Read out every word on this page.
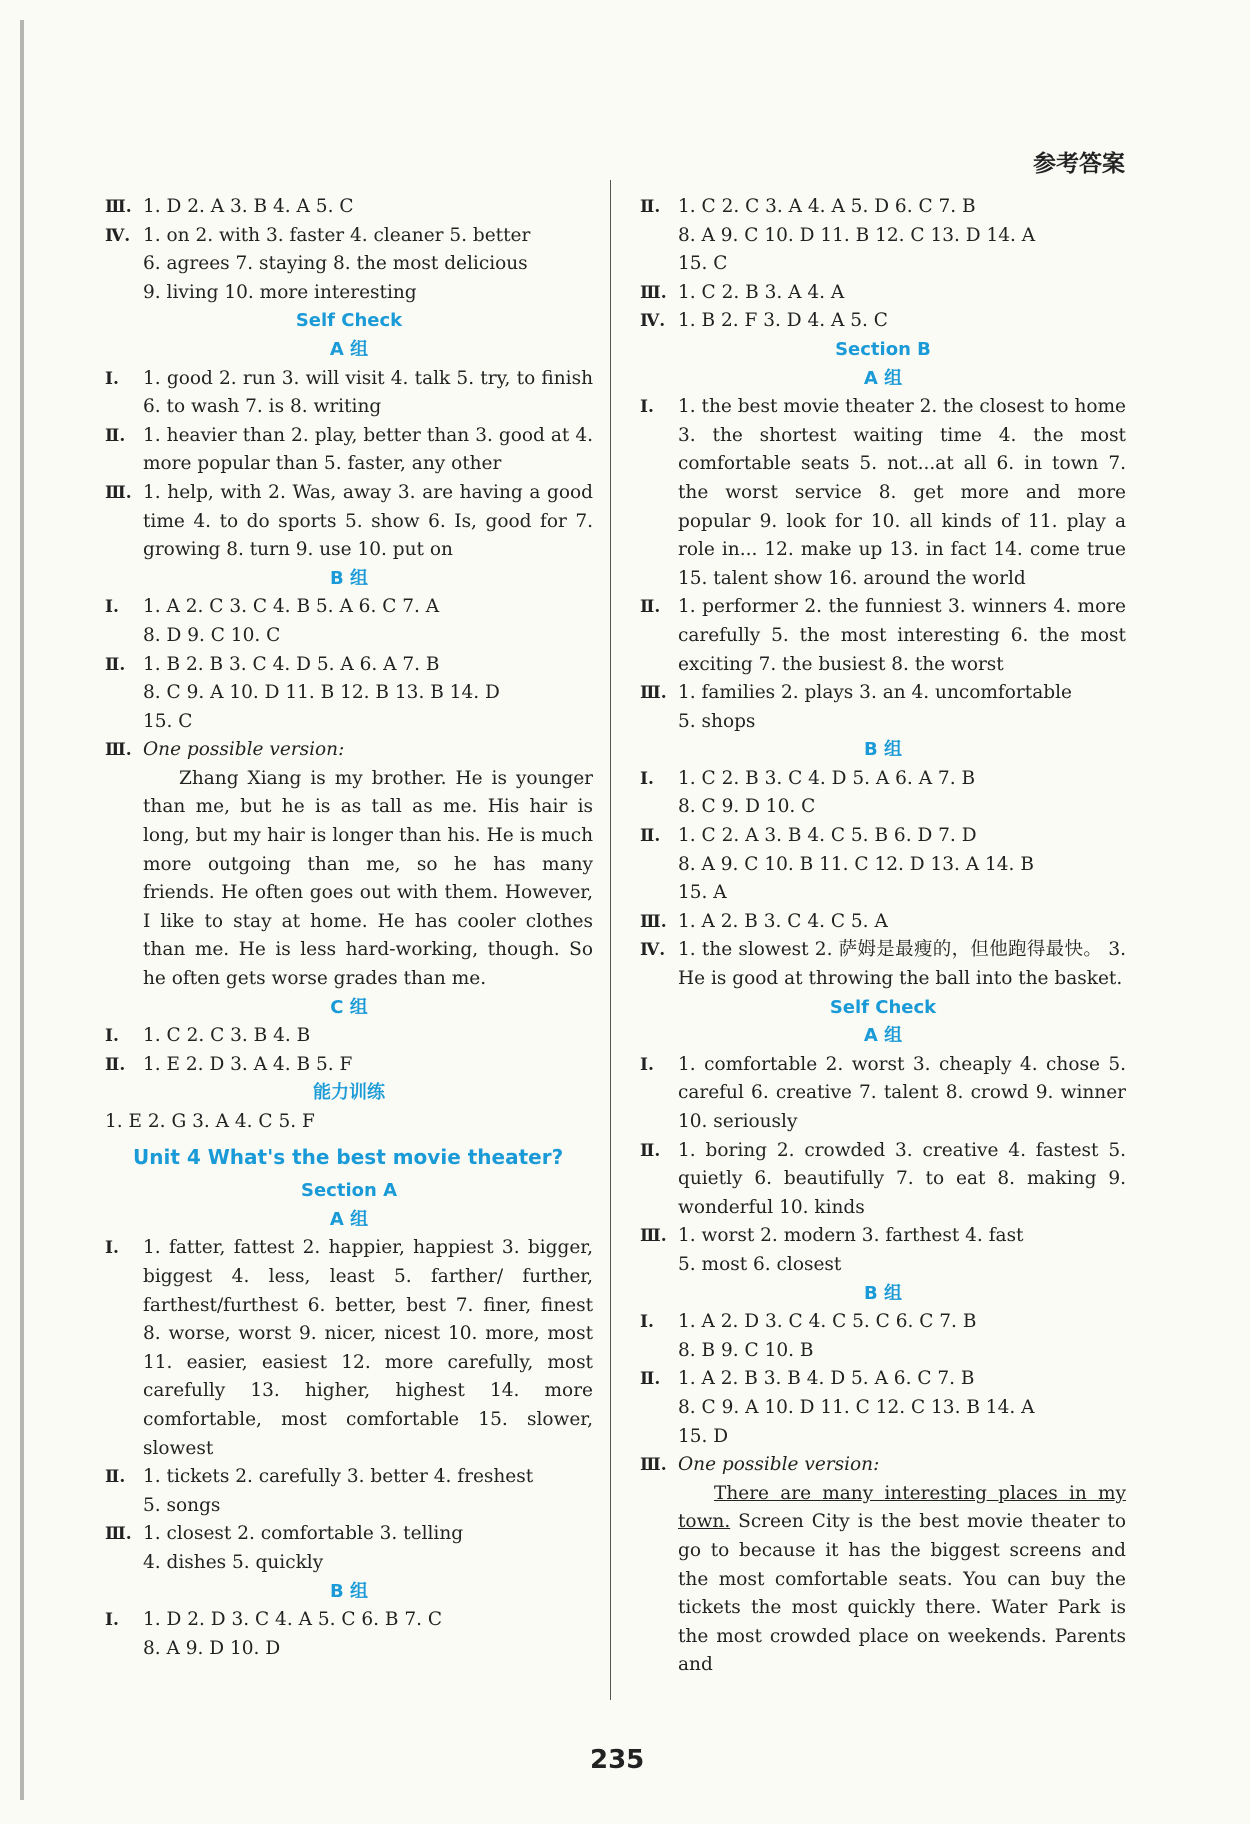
参考答案
Ⅲ. 1. D 2. A 3. B 4. A 5. C
Ⅳ. 1. on 2. with 3. faster 4. cleaner 5. better
6. agrees 7. staying 8. the most delicious
9. living 10. more interesting
Self Check
A 组
Ⅰ.	1. good 2. run 3. will visit 4. talk 5. try, to finish 6. to wash 7. is 8. writing
Ⅱ. 1. heavier than 2. play, better than 3. good at 4. more popular than 5. faster, any other
Ⅲ. 1. help, with 2. Was, away 3. are having a good time 4. to do sports 5. show 6. Is, good for 7. growing 8. turn 9. use 10. put on
B 组
Ⅰ.	1. A 2. C 3. C 4. B 5. A 6. C 7. A
8. D 9. C 10. C
Ⅱ. 1. B 2. B 3. C 4. D 5. A 6. A 7. B
8. C 9. A 10. D 11. B 12. B 13. B 14. D
15. C
Ⅲ. One possible version:
Zhang Xiang is my brother. He is younger than me, but he is as tall as me. His hair is long, but my hair is longer than his. He is much more outgoing than me, so he has many friends. He often goes out with them. However, I like to stay at home. He has cooler clothes than me. He is less hard-working, though. So he often gets worse grades than me.
C 组
Ⅰ.	1. C 2. C 3. B 4. B
Ⅱ. 1. E 2. D 3. A 4. B 5. F
能力训练
1. E 2. G 3. A 4. C 5. F
Unit 4 What's the best movie theater?
Section A
A 组
Ⅰ.	1. fatter, fattest 2. happier, happiest 3. bigger, biggest 4. less, least 5. farther/ further, farthest/furthest 6. better, best 7. finer, finest 8. worse, worst 9. nicer, nicest 10. more, most 11. easier, easiest 12. more carefully, most carefully 13. higher, highest 14. more comfortable, most comfortable 15. slower, slowest
Ⅱ. 1. tickets 2. carefully 3. better 4. freshest
5. songs
Ⅲ. 1. closest 2. comfortable 3. telling
4. dishes 5. quickly
B 组
Ⅰ.	1. D 2. D 3. C 4. A 5. C 6. B 7. C
8. A 9. D 10. D
Ⅱ. 1. C 2. C 3. A 4. A 5. D 6. C 7. B
8. A 9. C 10. D 11. B 12. C 13. D 14. A
15. C
Ⅲ. 1. C 2. B 3. A 4. A
Ⅳ. 1. B 2. F 3. D 4. A 5. C
Section B
A 组
Ⅰ.	1. the best movie theater 2. the closest to home 3. the shortest waiting time 4. the most comfortable seats 5. not...at all 6. in town 7. the worst service 8. get more and more popular 9. look for 10. all kinds of 11. play a role in... 12. make up 13. in fact 14. come true 15. talent show 16. around the world
Ⅱ. 1. performer 2. the funniest 3. winners 4. more carefully 5. the most interesting 6. the most exciting 7. the busiest 8. the worst
Ⅲ. 1. families 2. plays 3. an 4. uncomfortable
5. shops
B 组
Ⅰ.	1. C 2. B 3. C 4. D 5. A 6. A 7. B
8. C 9. D 10. C
Ⅱ. 1. C 2. A 3. B 4. C 5. B 6. D 7. D
8. A 9. C 10. B 11. C 12. D 13. A 14. B
15. A
Ⅲ. 1. A 2. B 3. C 4. C 5. A
Ⅳ. 1. the slowest 2. 萨姆是最瘦的，但他跑得最快。 3. He is good at throwing the ball into the basket.
Self Check
A 组
Ⅰ.	1. comfortable 2. worst 3. cheaply 4. chose 5. careful 6. creative 7. talent 8. crowd 9. winner 10. seriously
Ⅱ. 1. boring 2. crowded 3. creative 4. fastest 5. quietly 6. beautifully 7. to eat 8. making 9. wonderful 10. kinds
Ⅲ. 1. worst 2. modern 3. farthest 4. fast
5. most 6. closest
B 组
Ⅰ.	1. A 2. D 3. C 4. C 5. C 6. C 7. B
8. B 9. C 10. B
Ⅱ. 1. A 2. B 3. B 4. D 5. A 6. C 7. B
8. C 9. A 10. D 11. C 12. C 13. B 14. A
15. D
Ⅲ. One possible version:
There are many interesting places in my town. Screen City is the best movie theater to go to because it has the biggest screens and the most comfortable seats. You can buy the tickets the most quickly there. Water Park is the most crowded place on weekends. Parents and
235
